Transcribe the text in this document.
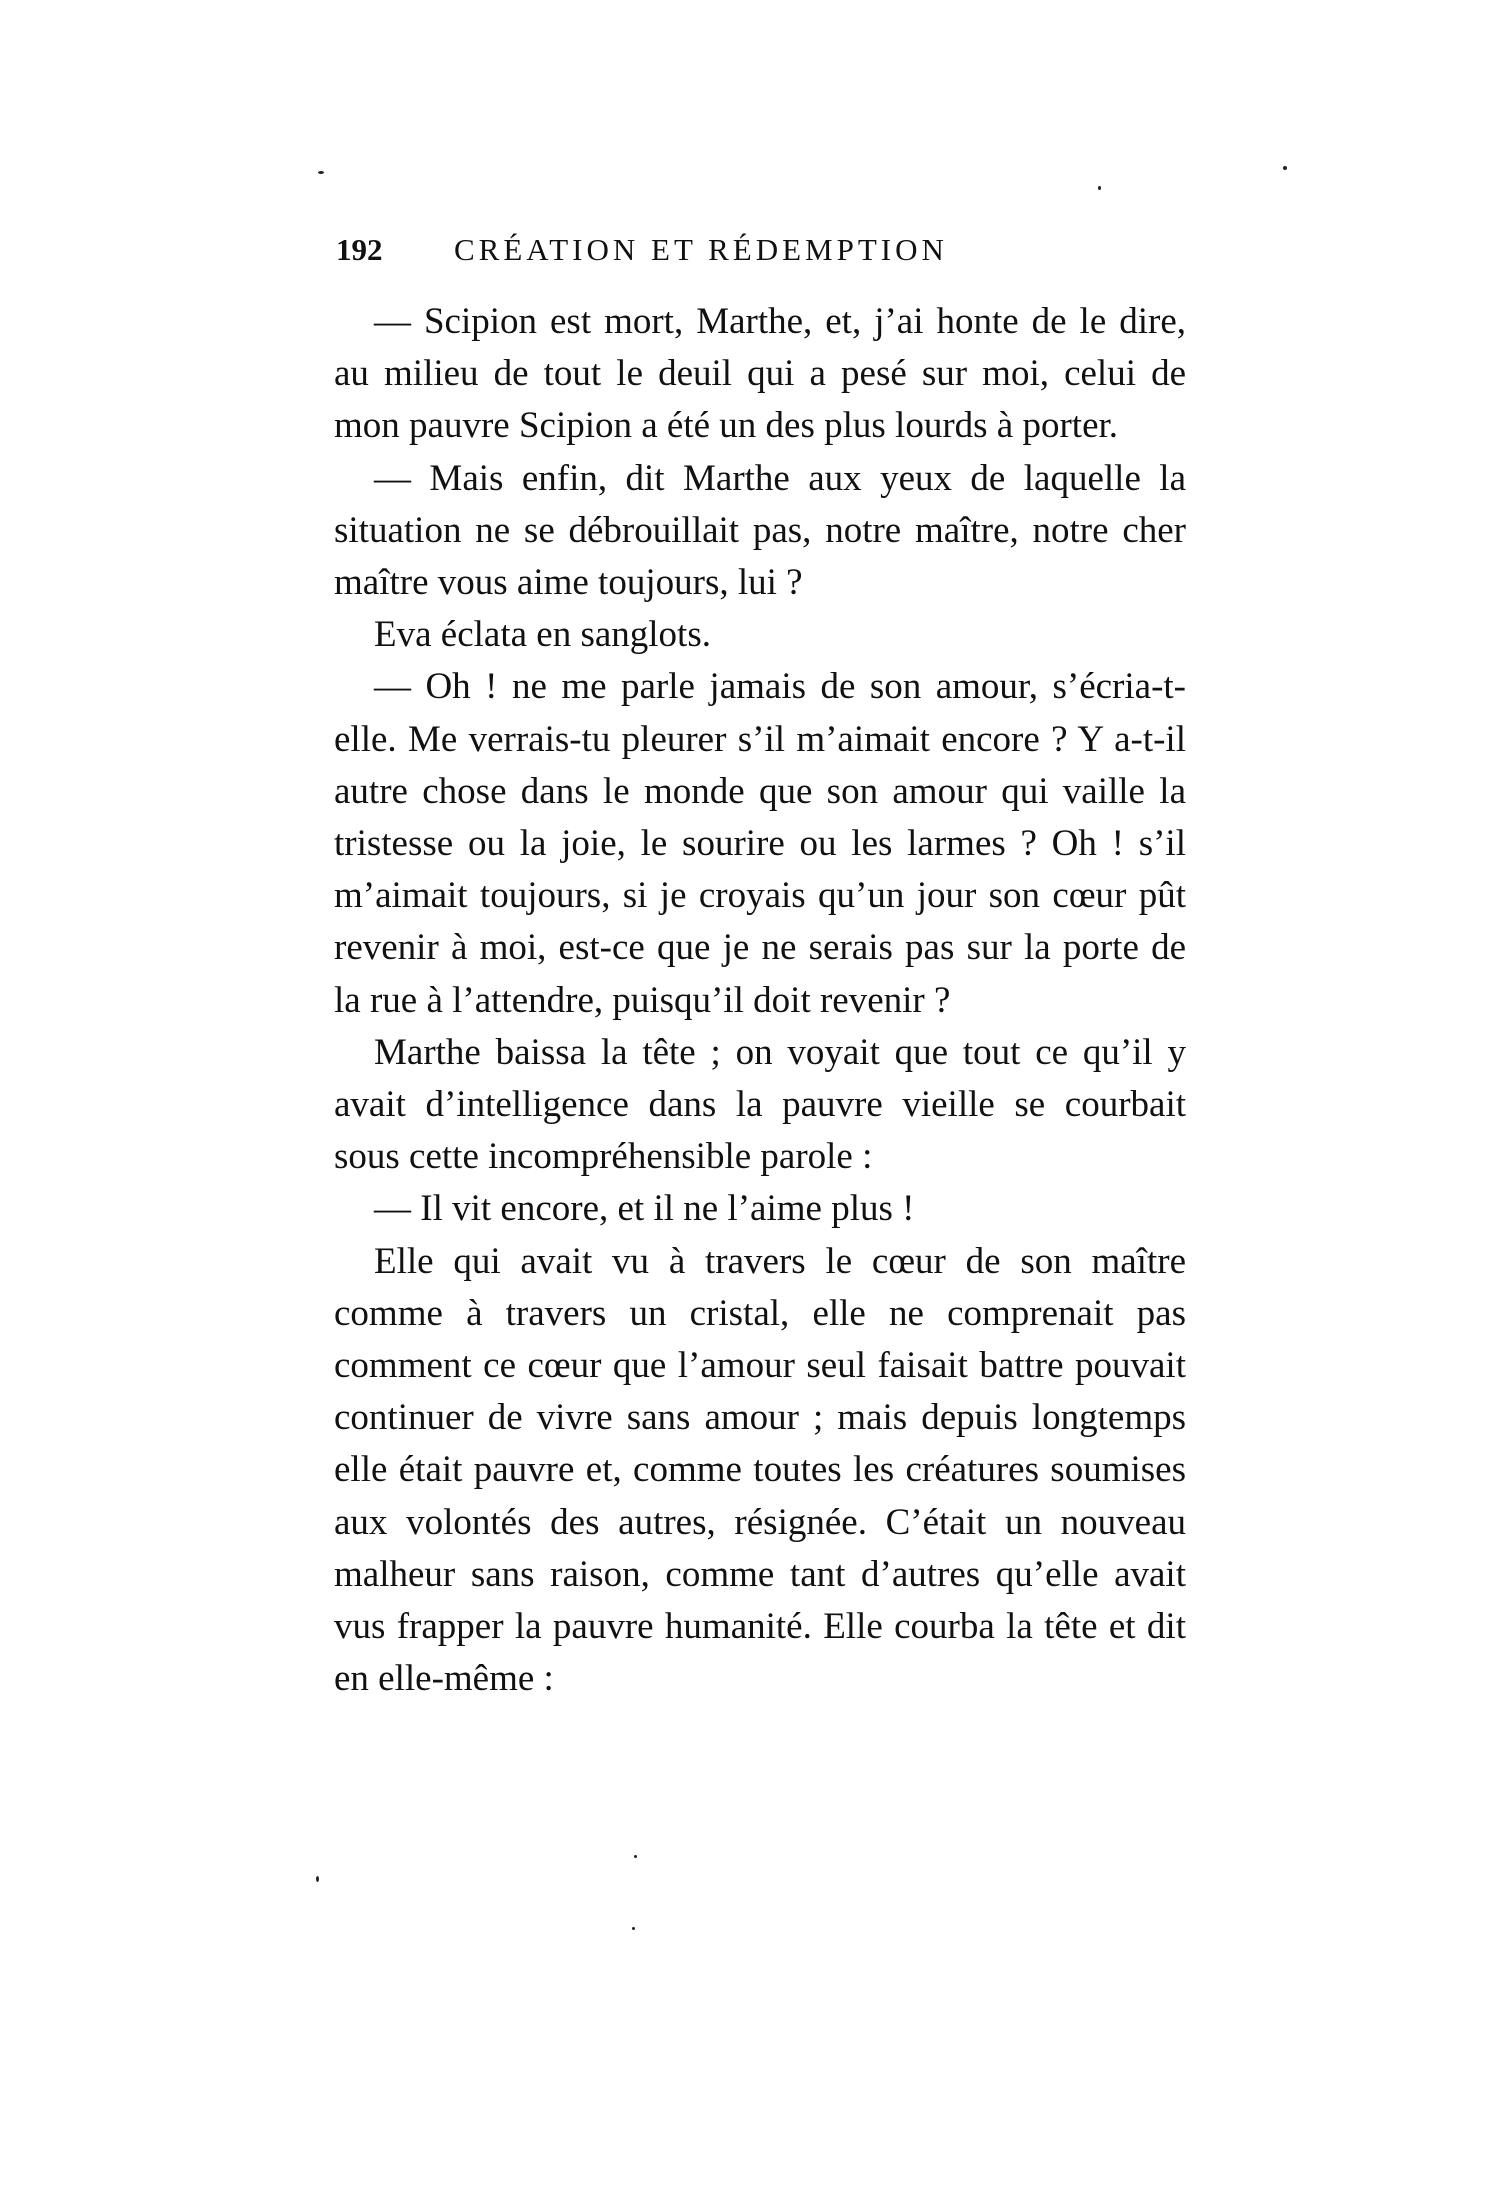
192 CRÉATION ET RÉDEMPTION

— Scipion est mort, Marthe, et, j’ai honte de le dire, au milieu de tout le deuil qui a pesé sur moi, celui de mon pauvre Scipion a été un des plus lourds à porter.

— Mais enfin, dit Marthe aux yeux de laquelle la situation ne se débrouillait pas, notre maître, notre cher maître vous aime toujours, lui ?

Eva éclata en sanglots.

— Oh ! ne me parle jamais de son amour, s’écria-t-elle. Me verrais-tu pleurer s’il m’aimait encore ? Y a-t-il autre chose dans le monde que son amour qui vaille la tristesse ou la joie, le sourire ou les larmes ? Oh ! s’il m’aimait toujours, si je croyais qu’un jour son cœur pût revenir à moi, est-ce que je ne serais pas sur la porte de la rue à l’attendre, puisqu’il doit revenir ?

Marthe baissa la tête ; on voyait que tout ce qu’il y avait d’intelligence dans la pauvre vieille se courbait sous cette incompréhensible parole :

— Il vit encore, et il ne l’aime plus !

Elle qui avait vu à travers le cœur de son maître comme à travers un cristal, elle ne comprenait pas comment ce cœur que l’amour seul faisait battre pouvait continuer de vivre sans amour ; mais depuis longtemps elle était pauvre et, comme toutes les créatures soumises aux volontés des autres, résignée. C’était un nouveau malheur sans raison, comme tant d’autres qu’elle avait vus frapper la pauvre humanité. Elle courba la tête et dit en elle-même :
